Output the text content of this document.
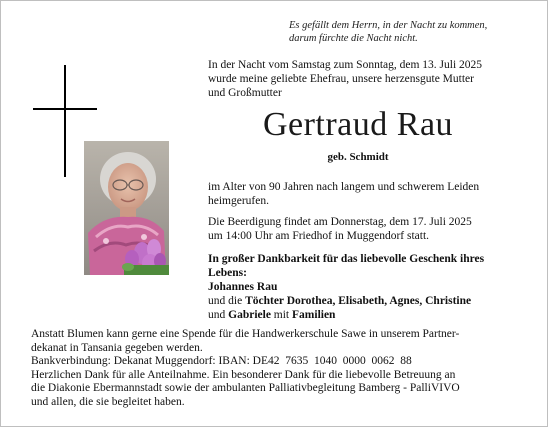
Es gefällt dem Herrn, in der Nacht zu kommen,
darum fürchte die Nacht nicht.
In der Nacht vom Samstag zum Sonntag, dem 13. Juli 2025
wurde meine geliebte Ehefrau, unsere herzensgute Mutter
und Großmutter
Gertraud Rau
geb. Schmidt
im Alter von 90 Jahren nach langem und schwerem Leiden
heimgerufen.
Die Beerdigung findet am Donnerstag, dem 17. Juli 2025
um 14:00 Uhr am Friedhof in Muggendorf statt.
In großer Dankbarkeit für das liebevolle Geschenk ihres
Lebens:
Johannes Rau
und die Töchter Dorothea, Elisabeth, Agnes, Christine
und Gabriele mit Familien

Anstatt Blumen kann gerne eine Spende für die Handwerkerschule Sawe in unserem Partner-

dekanat in Tansania gegeben werden.

Bankverbindung: Dekanat Muggendorf: IBAN: DE42  7635  1040  0000  0062  88

Herzlichen Dank für alle Anteilnahme. Ein besonderer Dank für die liebevolle Betreuung an

die Diakonie Ebermannstadt sowie der ambulanten Palliativbegleitung Bamberg - PalliVIVO

und allen, die sie begleitet haben.
